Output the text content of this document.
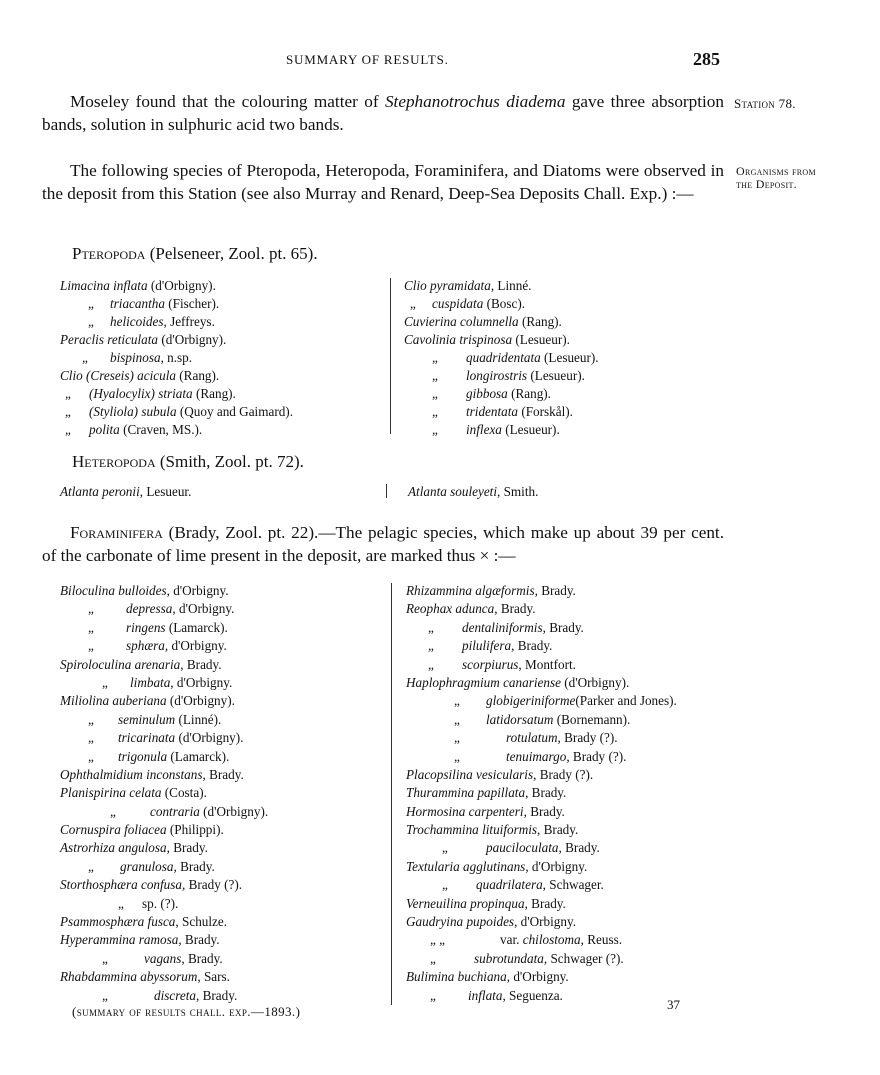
SUMMARY OF RESULTS.	285

Moseley found that the colouring matter of Stephanotrochus diadema gave three absorption bands, solution in sulphuric acid two bands.

Station 78.

The following species of Pteropoda, Heteropoda, Foraminifera, and Diatoms were observed in the deposit from this Station (see also Murray and Renard, Deep-Sea Deposits Chall. Exp.) :—

Organisms from
the Deposit.
Pteropoda (Pelseneer, Zool. pt. 65).
Limacina inflata (d'Orbigny).
„ triacantha (Fischer).
„ helicoides, Jeffreys.
Peraclis reticulata (d'Orbigny).
„ bispinosa, n.sp.
Clio (Creseis) acicula (Rang).
„ (Hyalocylix) striata (Rang).
„ (Styliola) subula (Quoy and Gaimard).
„ polita (Craven, MS.).
Clio pyramidata, Linné.
„ cuspidata (Bosc).
Cuvierina columnella (Rang).
Cavolinia trispinosa (Lesueur).
„ quadridentata (Lesueur).
„ longirostris (Lesueur).
„ gibbosa (Rang).
„ tridentata (Forskål).
„ inflexa (Lesueur).
Heteropoda (Smith, Zool. pt. 72).
Atlanta peronii, Lesueur.	Atlanta souleyeti, Smith.

Foraminifera (Brady, Zool. pt. 22).—The pelagic species, which make up about 39 per cent. of the carbonate of lime present in the deposit, are marked thus × :—

Biloculina bulloides, d'Orbigny.
„ depressa, d'Orbigny.
„ ringens (Lamarck).
„ sphæra, d'Orbigny.
Spiroloculina arenaria, Brady.
„ limbata, d'Orbigny.
Miliolina auberiana (d'Orbigny).
„ seminulum (Linné).
„ tricarinata (d'Orbigny).
„ trigonula (Lamarck).
Ophthalmidium inconstans, Brady.
Planispirina celata (Costa).
„	contraria (d'Orbigny).
Cornuspira foliacea (Philippi).
Astrorhiza angulosa, Brady.
„ granulosa, Brady.
Storthosphæra confusa, Brady (?).
„ sp. (?).
Psammosphæra fusca, Schulze.
Hyperammina ramosa, Brady.
„	vagans, Brady.
Rhabdammina abyssorum, Sars.
„	discreta, Brady.
Rhizammina algæformis, Brady.
Reophax adunca, Brady.
„ dentaliniformis, Brady.
„ pilulifera, Brady.
„ scorpiurus, Montfort.
Haplophragmium canariense (d'Orbigny).
„ globigeriniforme(Parker and Jones).
„ latidorsatum (Bornemann).
„	rotulatum, Brady (?).
„	tenuimargo, Brady (?).
Placopsilina vesicularis, Brady (?).
Thurammina papillata, Brady.
Hormosina carpenteri, Brady.
Trochammina lituiformis, Brady.
„	pauciloculata, Brady.
Textularia agglutinans, d'Orbigny.
„ quadrilatera, Schwager.
Verneuilina propinqua, Brady.
Gaudryina pupoides, d'Orbigny.
„ „	var. chilostoma, Reuss.
„	subrotundata, Schwager (?).
Bulimina buchiana, d'Orbigny.
„ inflata, Seguenza.
(summary of results chall. exp.—1893.)	37
